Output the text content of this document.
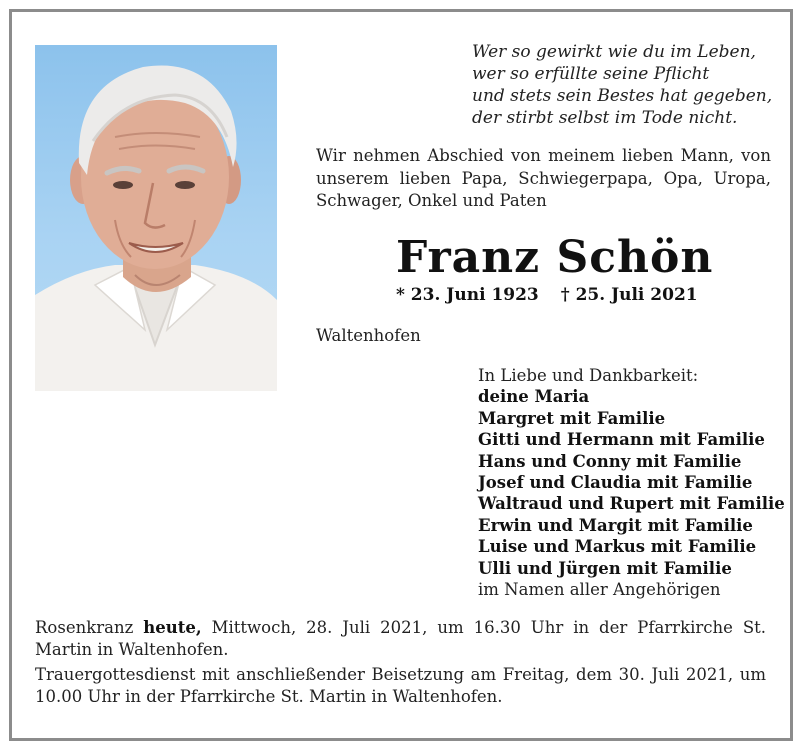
Wer so gewirkt wie du im Leben,
wer so erfüllte seine Pflicht
und stets sein Bestes hat gegeben,
der stirbt selbst im Tode nicht.
Wir nehmen Abschied von meinem lieben Mann, von unserem lieben Papa, Schwiegerpapa, Opa, Uropa, Schwager, Onkel und Paten
Franz Schön
* 23. Juni 1923 † 25. Juli 2021
Waltenhofen
In Liebe und Dankbarkeit:
deine Maria
Margret mit Familie
Gitti und Hermann mit Familie
Hans und Conny mit Familie
Josef und Claudia mit Familie
Waltraud und Rupert mit Familie
Erwin und Margit mit Familie
Luise und Markus mit Familie
Ulli und Jürgen mit Familie
im Namen aller Angehörigen
Rosenkranz heute, Mittwoch, 28. Juli 2021, um 16.30 Uhr in der Pfarrkirche St. Martin in Waltenhofen.
Trauergottesdienst mit anschließender Beisetzung am Freitag, dem 30. Juli 2021, um 10.00 Uhr in der Pfarrkirche St. Martin in Waltenhofen.
